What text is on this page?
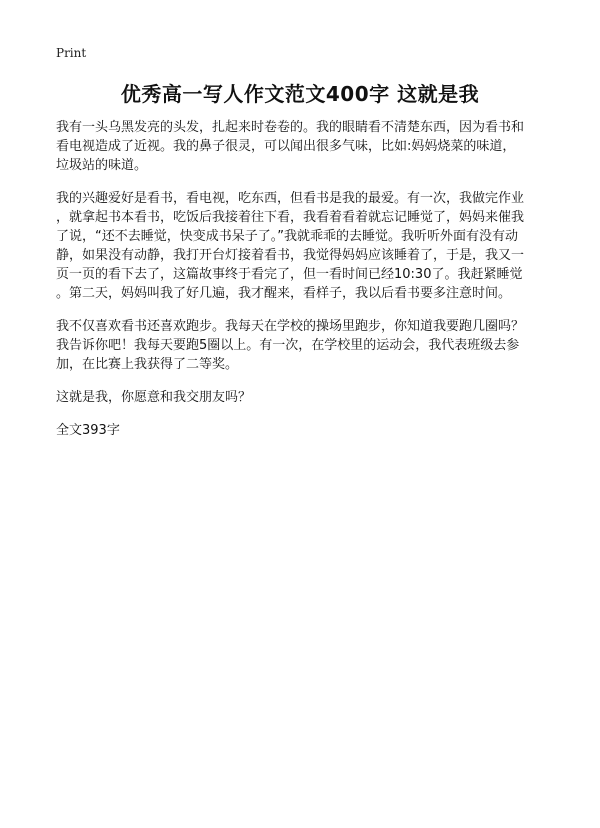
Print
优秀高一写人作文范文400字 这就是我

我有一头乌黑发亮的头发，扎起来时卷卷的。我的眼睛看不清楚东西，因为看书和
看电视造成了近视。我的鼻子很灵，可以闻出很多气味，比如:妈妈烧菜的味道，
垃圾站的味道。

我的兴趣爱好是看书，看电视，吃东西，但看书是我的最爱。有一次，我做完作业
，就拿起书本看书，吃饭后我接着往下看，我看着看着就忘记睡觉了，妈妈来催我
了说，“还不去睡觉，快变成书呆子了。”我就乖乖的去睡觉。我听听外面有没有动
静，如果没有动静，我打开台灯接着看书，我觉得妈妈应该睡着了，于是，我又一
页一页的看下去了，这篇故事终于看完了，但一看时间已经10:30了。我赶紧睡觉
。第二天，妈妈叫我了好几遍，我才醒来，看样子，我以后看书要多注意时间。

我不仅喜欢看书还喜欢跑步。我每天在学校的操场里跑步，你知道我要跑几圈吗？
我告诉你吧！我每天要跑5圈以上。有一次，在学校里的运动会，我代表班级去参
加，在比赛上我获得了二等奖。

这就是我，你愿意和我交朋友吗？

全文393字
